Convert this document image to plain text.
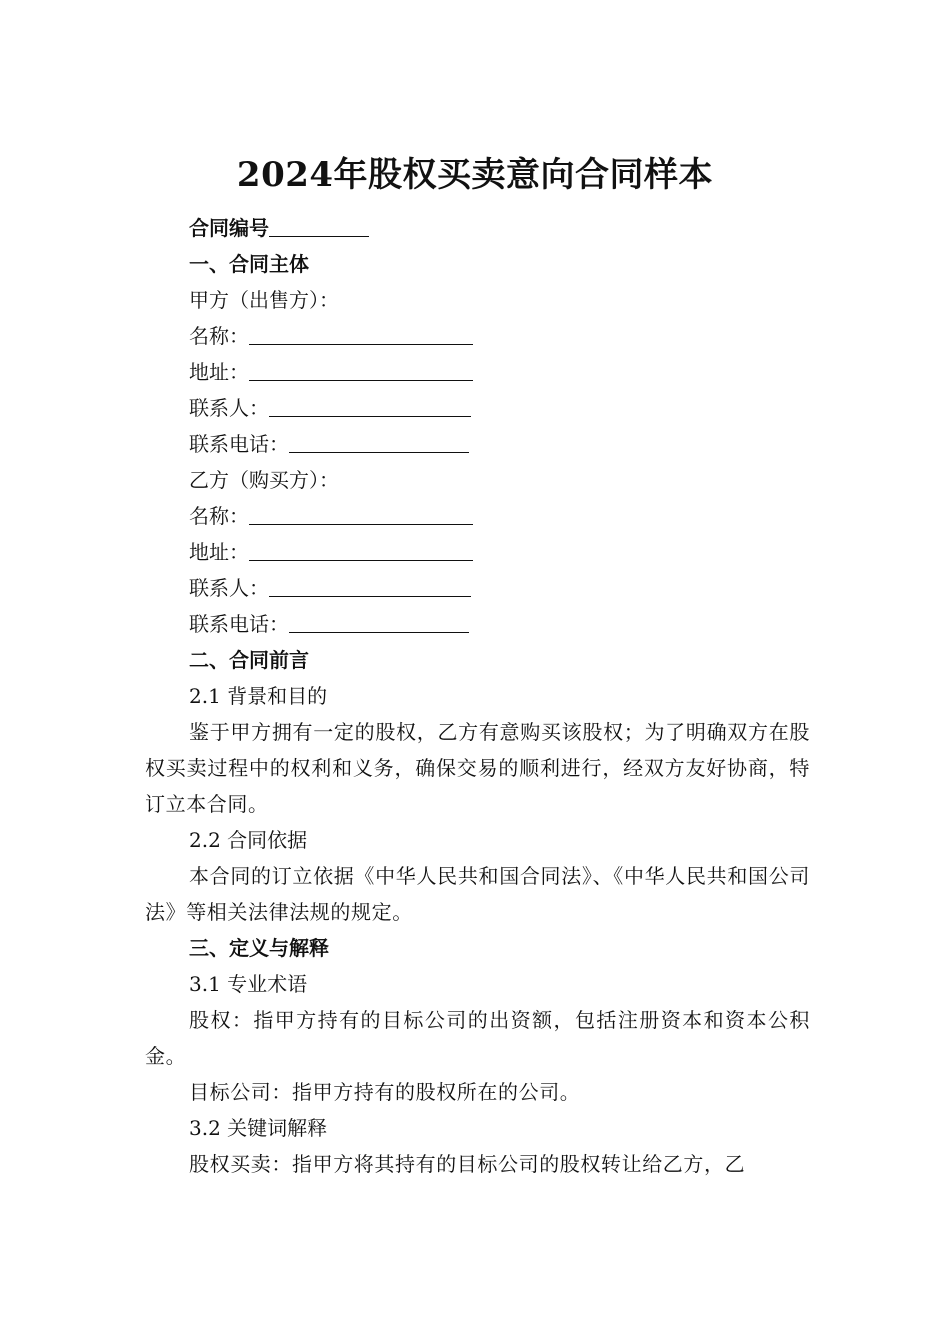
2024年股权买卖意向合同样本
合同编号
一、合同主体
甲方（出售方）：
名称：
地址：
联系人：
联系电话：
乙方（购买方）：
名称：
地址：
联系人：
联系电话：
二、合同前言
2.1 背景和目的
鉴于甲方拥有一定的股权，乙方有意购买该股权；为了明确双方在股权买卖过程中的权利和义务，确保交易的顺利进行，经双方友好协商，特订立本合同。
2.2 合同依据
本合同的订立依据《中华人民共和国合同法》、《中华人民共和国公司法》等相关法律法规的规定。
三、定义与解释
3.1 专业术语
股权：指甲方持有的目标公司的出资额，包括注册资本和资本公积金。
目标公司：指甲方持有的股权所在的公司。
3.2 关键词解释
股权买卖：指甲方将其持有的目标公司的股权转让给乙方，乙
